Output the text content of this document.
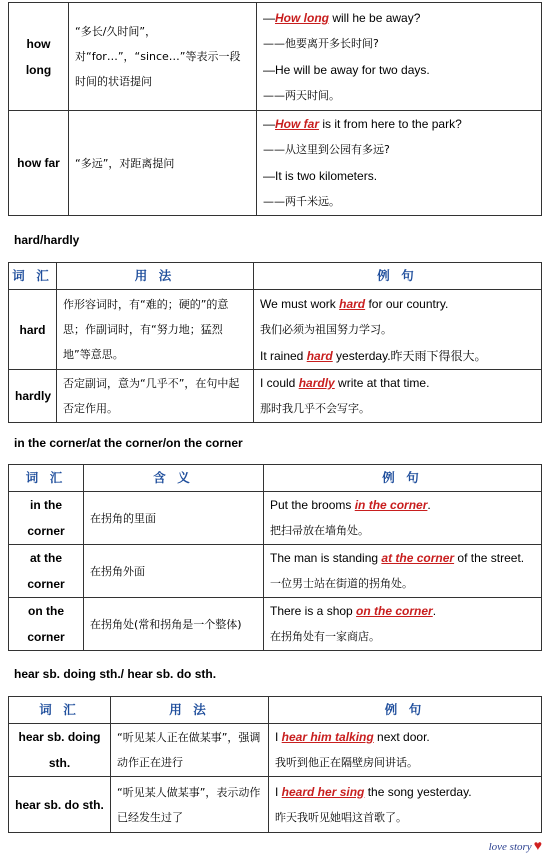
how long	“多长/久时间”，对“for…”，“since…”等表示一段时间的状语提问	—How long will he be away?
——他要离开多长时间?
—He will be away for two days.
——两天时间。

how far	“多远”，对距离提问	—How far is it from here to the park?
——从这里到公园有多远?
—It is two kilometers.
——两千米远。
hard/hardly
词 汇	用 法	例 句
hard	作形容词时，有“难的；硬的”的意思；作副词时，有“努力地；猛烈地”等意思。	We must work hard for our country.
我们必须为祖国努力学习。
It rained hard yesterday.昨天雨下得很大。

hardly	否定副词，意为“几乎不”，在句中起否定作用。	I could hardly write at that time.
那时我几乎不会写字。
in the corner/at the corner/on the corner
词 汇	含 义	例 句
in the corner	在拐角的里面	Put the brooms in the corner.
把扫帚放在墙角处。

at the corner	在拐角外面	The man is standing at the corner of the street.
一位男士站在街道的拐角处。

on the corner	在拐角处(常和拐角是一个整体)	There is a shop on the corner.
在拐角处有一家商店。
hear sb. doing sth./ hear sb. do sth.
词 汇	用 法	例 句
hear sb. doing sth.	“听见某人正在做某事”，强调动作正在进行	I hear him talking next door.
我听到他正在隔壁房间讲话。

hear sb. do sth.	“听见某人做某事”，表示动作已经发生过了	I heard her sing the song yesterday.
昨天我听见她唱这首歌了。
love story ♥
